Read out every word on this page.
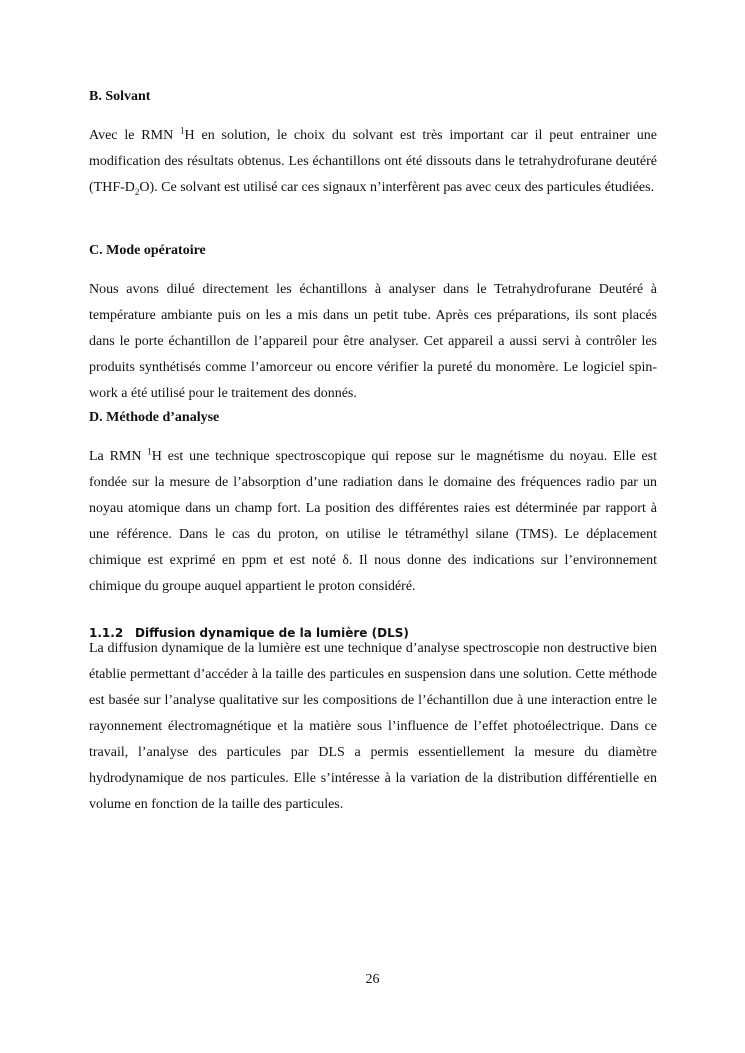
B. Solvant

Avec le RMN $^1$H en solution, le choix du solvant est très important car il peut entrainer une modification des résultats obtenus. Les échantillons ont été dissouts dans le tetrahydrofurane deutéré $(THF-D_2O)$. Ce solvant est utilisé car ces signaux n’interfèrent pas avec ceux des particules étudiées.

C. Mode opératoire

Nous avons dilué directement les échantillons à analyser dans le Tetrahydrofurane Deutéré à température ambiante puis on les a mis dans un petit tube. Après ces préparations, ils sont placés dans le porte échantillon de l’appareil pour être analyser. Cet appareil a aussi servi à contrôler les produits synthétisés comme l’amorceur ou encore vérifier la pureté du monomère. Le logiciel spin-work a été utilisé pour le traitement des donnés.

D. Méthode d’analyse

La RMN $^1$H est une technique spectroscopique qui repose sur le magnétisme du noyau. Elle est fondée sur la mesure de l’absorption d’une radiation dans le domaine des fréquences radio par un noyau atomique dans un champ fort. La position des différentes raies est déterminée par rapport à une référence. Dans le cas du proton, on utilise le tétraméthyl silane (TMS). Le déplacement chimique est exprimé en ppm et est noté δ. Il nous donne des indications sur l’environnement chimique du groupe auquel appartient le proton considéré.

1.1.2 Diffusion dynamique de la lumière (DLS)

La diffusion dynamique de la lumière est une technique d’analyse spectroscopie non destructive bien établie permettant d’accéder à la taille des particules en suspension dans une solution. Cette méthode est basée sur l’analyse qualitative sur les compositions de l’échantillon due à une interaction entre le rayonnement électromagnétique et la matière sous l’influence de l’effet photoélectrique. Dans ce travail, l’analyse des particules par DLS a permis essentiellement la mesure du diamètre hydrodynamique de nos particules. Elle s’intéresse à la variation de la distribution différentielle en volume en fonction de la taille des particules.

26
